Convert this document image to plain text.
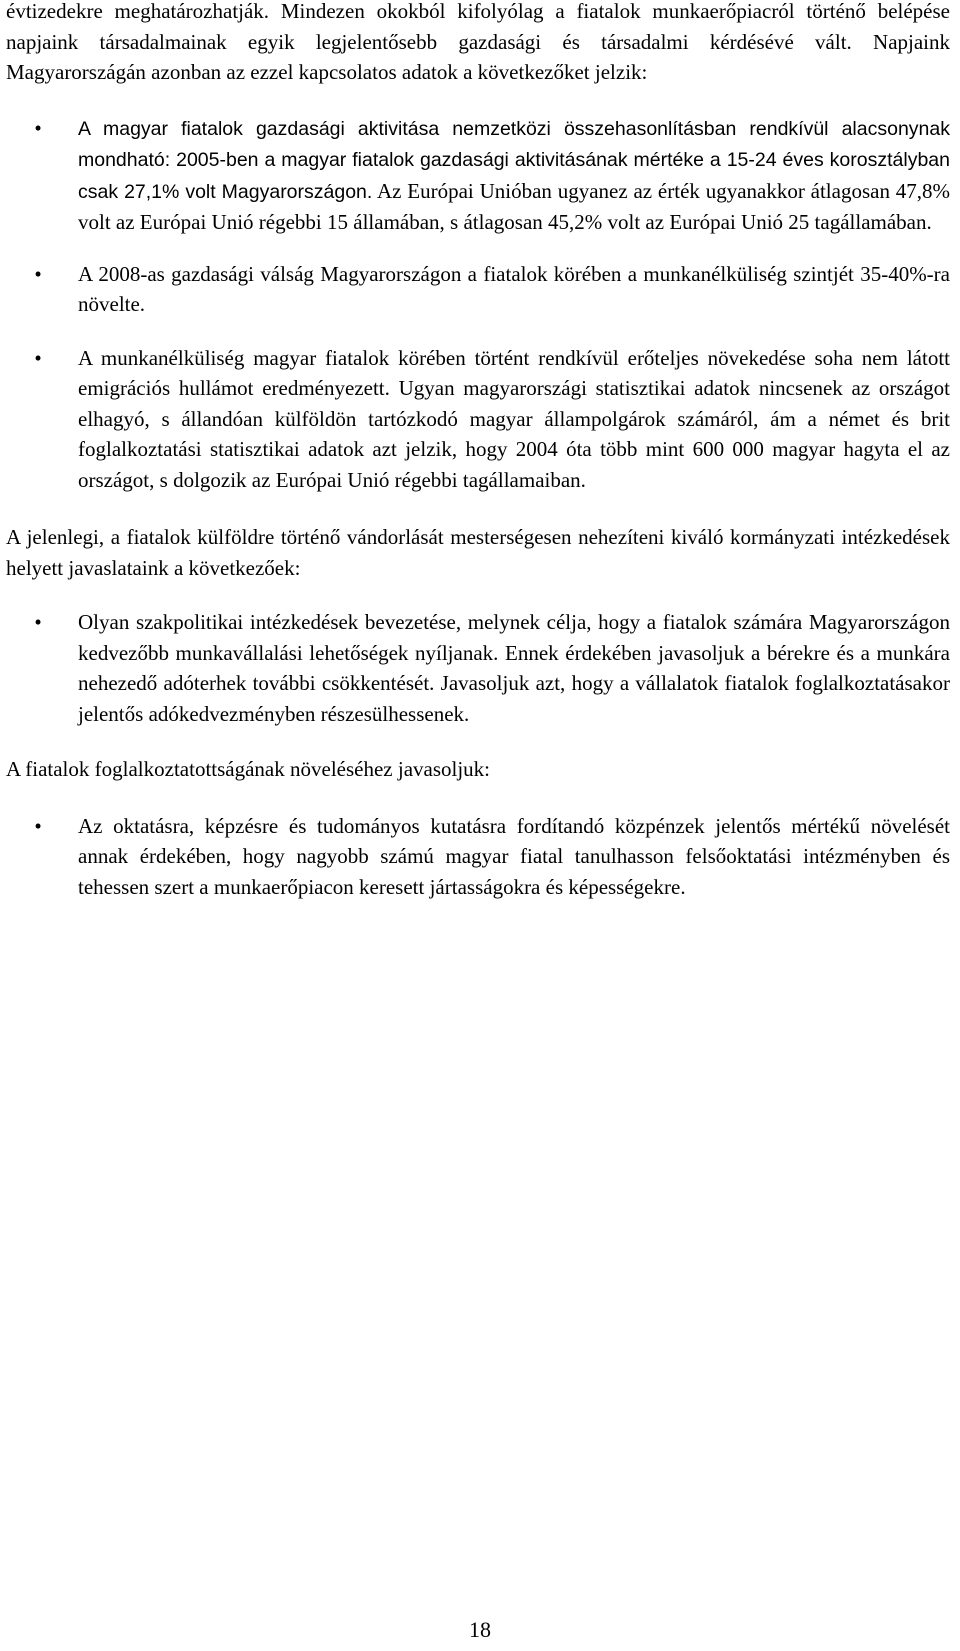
évtizedekre meghatározhatják. Mindezen okokból kifolyólag a fiatalok munkaerőpiacról történő belépése napjaink társadalmainak egyik legjelentősebb gazdasági és társadalmi kérdésévé vált. Napjaink Magyarországán azonban az ezzel kapcsolatos adatok a következőket jelzik:

• A magyar fiatalok gazdasági aktivitása nemzetközi összehasonlításban rendkívül alacsonynak mondható: 2005-ben a magyar fiatalok gazdasági aktivitásának mértéke a 15-24 éves korosztályban csak 27,1% volt Magyarországon. Az Európai Unióban ugyanez az érték ugyanakkor átlagosan 47,8% volt az Európai Unió régebbi 15 államában, s átlagosan 45,2% volt az Európai Unió 25 tagállamában.
• A 2008-as gazdasági válság Magyarországon a fiatalok körében a munkanélküliség szintjét 35-40%-ra növelte.
• A munkanélküliség magyar fiatalok körében történt rendkívül erőteljes növekedése soha nem látott emigrációs hullámot eredményezett. Ugyan magyarországi statisztikai adatok nincsenek az országot elhagyó, s állandóan külföldön tartózkodó magyar állampolgárok számáról, ám a német és brit foglalkoztatási statisztikai adatok azt jelzik, hogy 2004 óta több mint 600 000 magyar hagyta el az országot, s dolgozik az Európai Unió régebbi tagállamaiban.

A jelenlegi, a fiatalok külföldre történő vándorlását mesterségesen nehezíteni kiváló kormányzati intézkedések helyett javaslataink a következőek:

• Olyan szakpolitikai intézkedések bevezetése, melynek célja, hogy a fiatalok számára Magyarországon kedvezőbb munkavállalási lehetőségek nyíljanak. Ennek érdekében javasoljuk a bérekre és a munkára nehezedő adóterhek további csökkentését. Javasoljuk azt, hogy a vállalatok fiatalok foglalkoztatásakor jelentős adókedvezményben részesülhessenek.

A fiatalok foglalkoztatottságának növeléséhez javasoljuk:

• Az oktatásra, képzésre és tudományos kutatásra fordítandó közpénzek jelentős mértékű növelését annak érdekében, hogy nagyobb számú magyar fiatal tanulhasson felsőoktatási intézményben és tehessen szert a munkaerőpiacon keresett jártasságokra és képességekre.
18
